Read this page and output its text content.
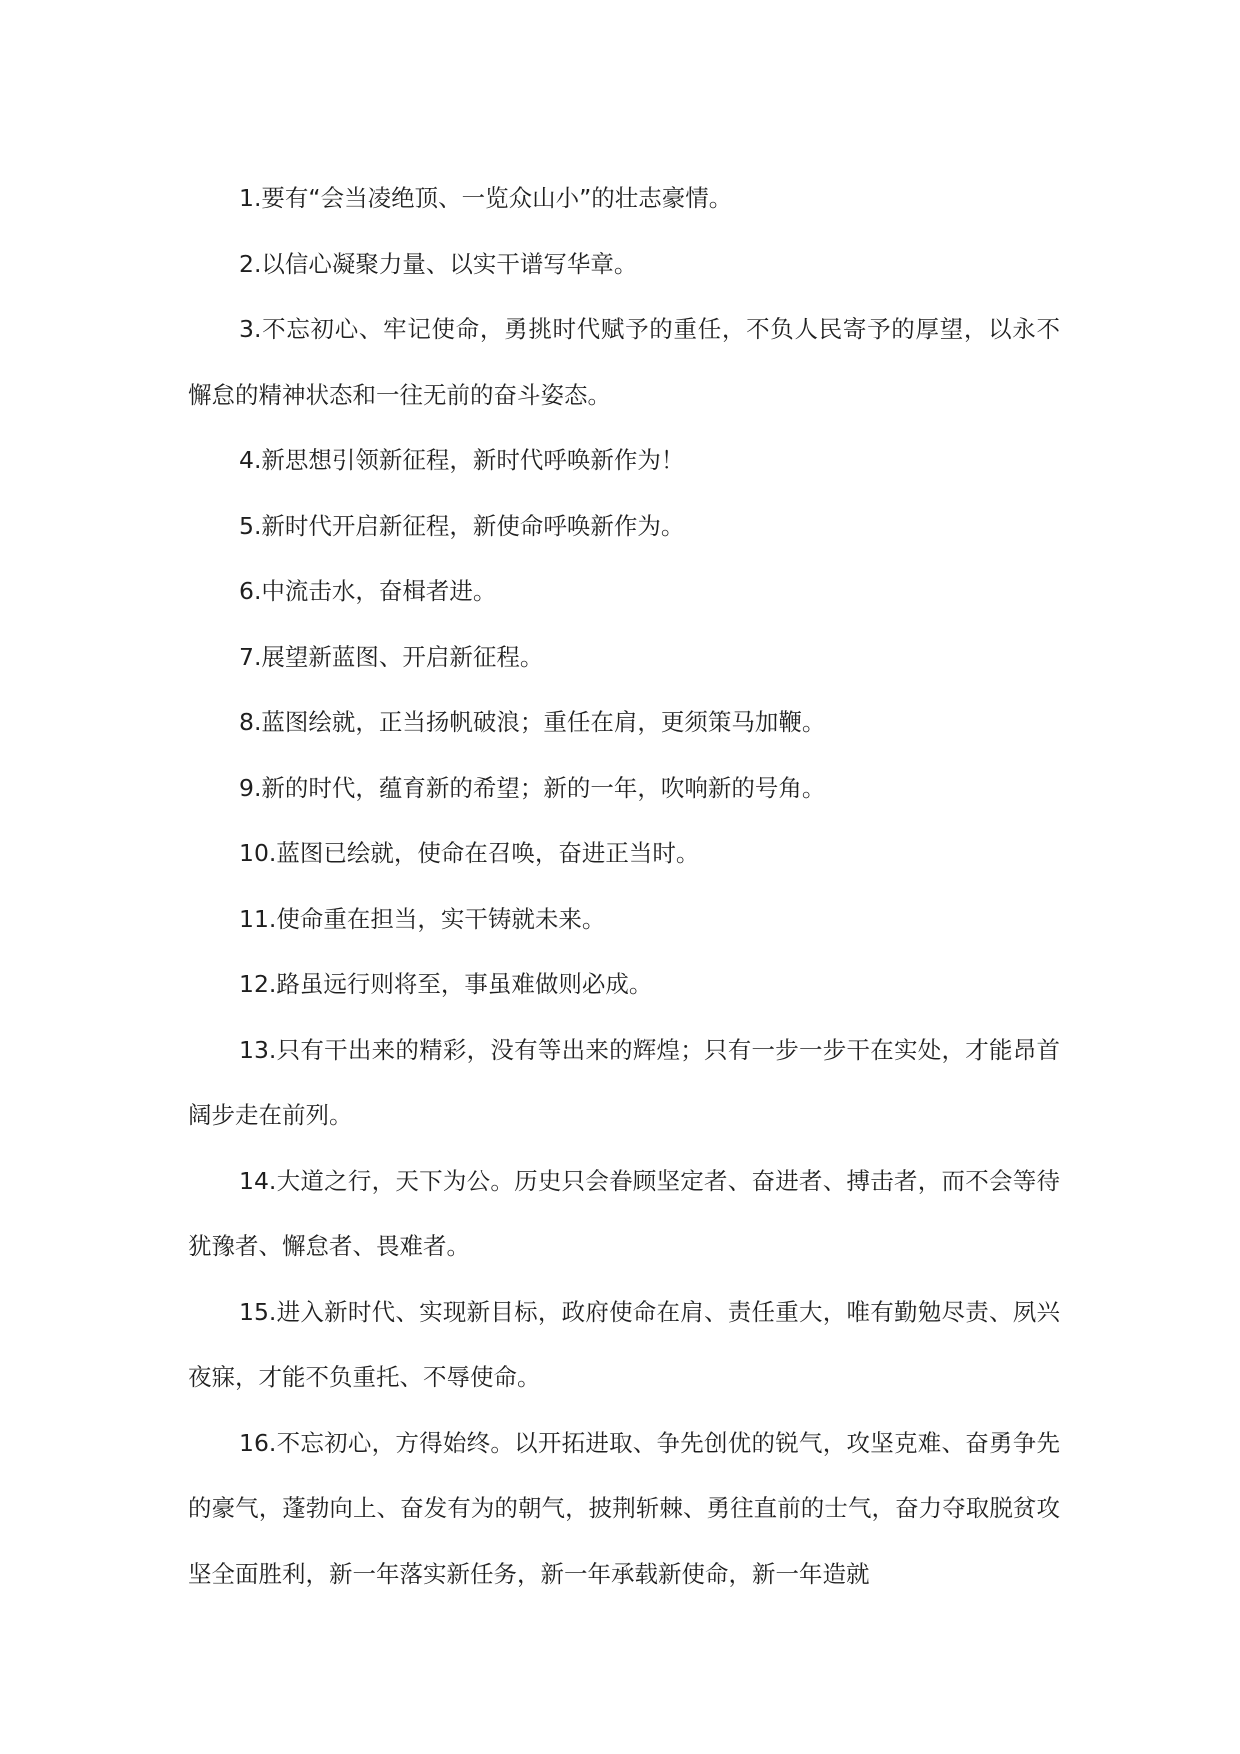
1.要有“会当凌绝顶、一览众山小”的壮志豪情。

2.以信心凝聚力量、以实干谱写华章。

3.不忘初心、牢记使命，勇挑时代赋予的重任，不负人民寄予的厚望，以永不懈怠的精神状态和一往无前的奋斗姿态。

4.新思想引领新征程，新时代呼唤新作为！

5.新时代开启新征程，新使命呼唤新作为。

6.中流击水，奋楫者进。

7.展望新蓝图、开启新征程。

8.蓝图绘就，正当扬帆破浪；重任在肩，更须策马加鞭。

9.新的时代，蕴育新的希望；新的一年，吹响新的号角。

10.蓝图已绘就，使命在召唤，奋进正当时。

11.使命重在担当，实干铸就未来。

12.路虽远行则将至，事虽难做则必成。

13.只有干出来的精彩，没有等出来的辉煌；只有一步一步干在实处，才能昂首阔步走在前列。

14.大道之行，天下为公。历史只会眷顾坚定者、奋进者、搏击者，而不会等待犹豫者、懈怠者、畏难者。

15.进入新时代、实现新目标，政府使命在肩、责任重大，唯有勤勉尽责、夙兴夜寐，才能不负重托、不辱使命。

16.不忘初心，方得始终。以开拓进取、争先创优的锐气，攻坚克难、奋勇争先的豪气，蓬勃向上、奋发有为的朝气，披荆斩棘、勇往直前的士气，奋力夺取脱贫攻坚全面胜利，新一年落实新任务，新一年承载新使命，新一年造就
